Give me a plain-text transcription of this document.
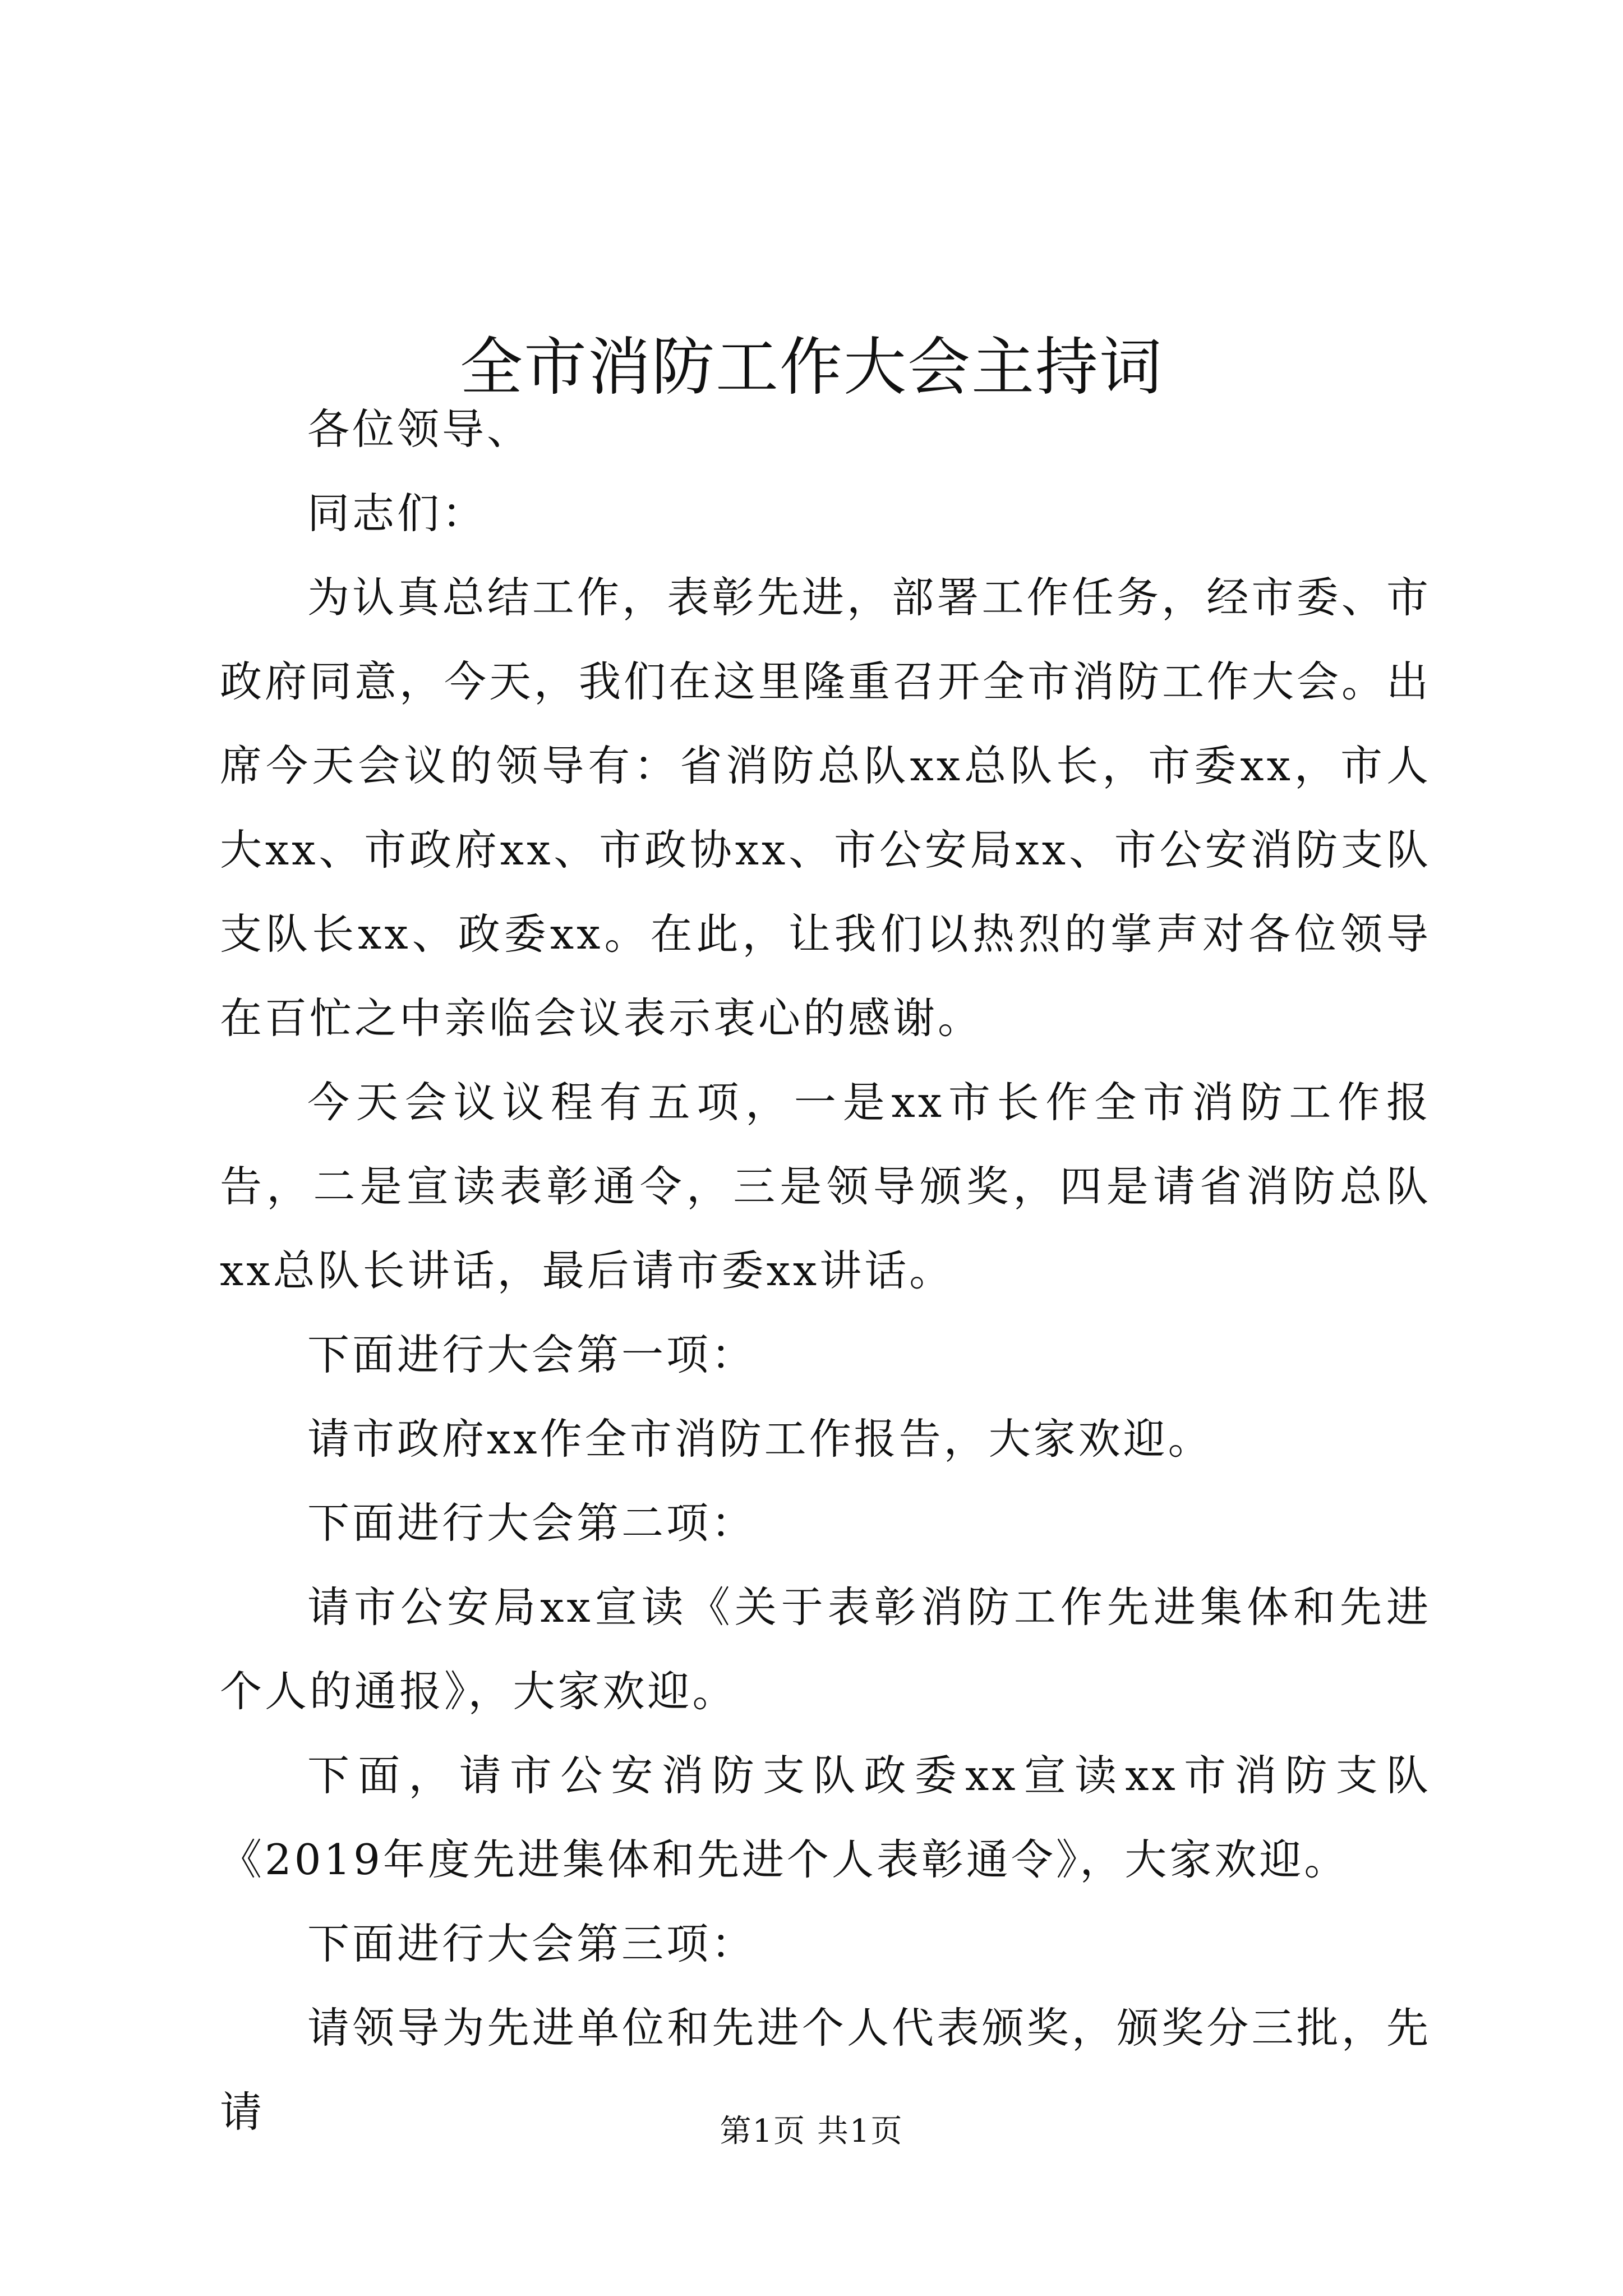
全市消防工作大会主持词

各位领导、

同志们：

为认真总结工作，表彰先进，部署工作任务，经市委、市政府同意，今天，我们在这里隆重召开全市消防工作大会。出席今天会议的领导有：省消防总队xx总队长，市委xx，市人大xx、市政府xx、市政协xx、市公安局xx、市公安消防支队支队长xx、政委xx。在此，让我们以热烈的掌声对各位领导在百忙之中亲临会议表示衷心的感谢。

今天会议议程有五项，一是xx市长作全市消防工作报告，二是宣读表彰通令，三是领导颁奖，四是请省消防总队xx总队长讲话，最后请市委xx讲话。

下面进行大会第一项：

请市政府xx作全市消防工作报告，大家欢迎。

下面进行大会第二项：

请市公安局xx宣读《关于表彰消防工作先进集体和先进个人的通报》，大家欢迎。

下面，请市公安消防支队政委xx宣读xx市消防支队《2019年度先进集体和先进个人表彰通令》，大家欢迎。

下面进行大会第三项：

请领导为先进单位和先进个人代表颁奖，颁奖分三批，先请	第1页 共1页
